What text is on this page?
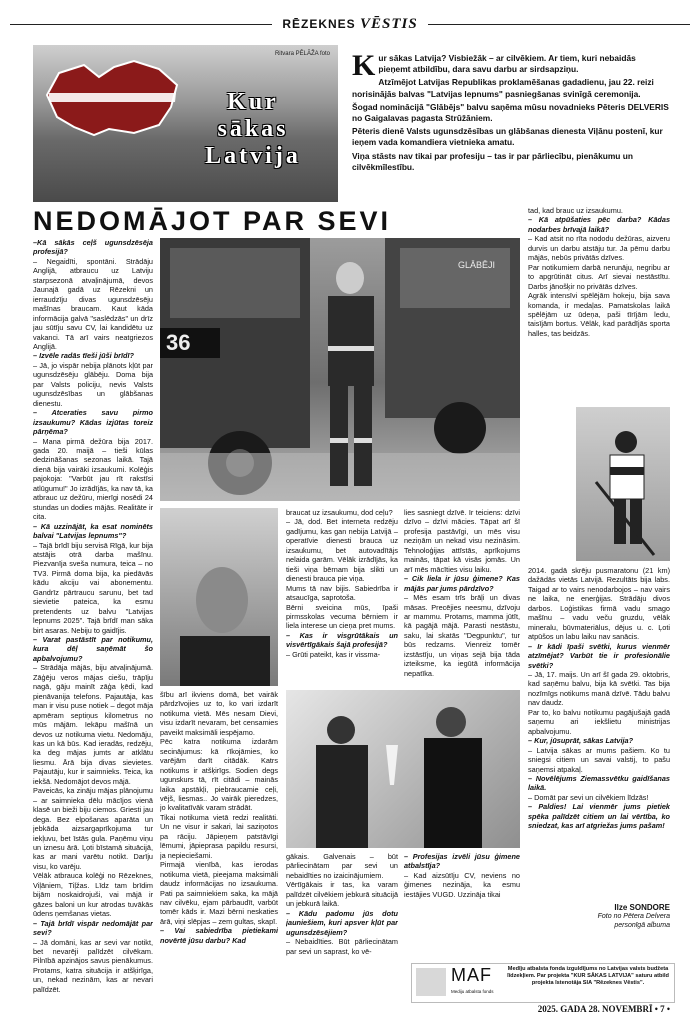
RĒZEKNES VĒSTIS
Ritvara PĒLĀŽA foto
Kur
sākas
Latvija

Kur sākas Latvija? Visbiežāk – ar cilvēkiem. Ar tiem, kuri nebaidās pieņemt atbildību, dara savu darbu ar sirdsapziņu.

Atzīmējot Latvijas Republikas proklamēšanas gadadienu, jau 22. reizi norisinājās balvas "Latvijas lepnums" pasniegšanas svinīgā ceremonija.

Šogad nominācijā "Glābējs" balvu saņēma mūsu novadnieks Pēteris DELVERIS no Gaigalavas pagasta Strūžāniem.

Pēteris dienē Valsts ugunsdzēsības un glābšanas dienesta Viļānu postenī, kur ieņem vada komandiera vietnieka amatu.

Viņa stāsts nav tikai par profesiju – tas ir par pārliecību, pienākumu un cilvēkmīlestību.

NEDOMĀJOT PAR SEVI

–Kā sākās ceļš ugunsdzēsēja profesijā?

– Negaidīti, spontāni. Strādāju Anglijā, atbraucu uz Latviju starpsezonā atvaļinājumā, devos Jaunajā gadā uz Rēzekni un ierraudzīju divas ugunsdzēsēju mašīnas braucam. Kaut kāda informācija galvā "saslēdzās" un drīz jau sūtīju savu CV, lai kandidētu uz vakanci. Tā arī vairs neatgriezos Anglijā.

– Izvēle radās tīeši jūši brīdī?

– Jā, jo vispār nebija plānots kļūt par ugunsdzēsēju glābēju. Doma bija par Valsts policiju, nevis Valsts ugunsdzēsības un glābšanas dienestu.

– Atceraties savu pirmo izsaukumu? Kādas izjūtas toreiz pārņēma?

– Mana pirmā dežūra bija 2017. gada 20. maijā – tieši kūlas dedzināšanas sezonas laikā. Tajā dienā bija vairāki izsaukumi. Kolēģis pajokoja: "Varbūt jau rīt rakstīsi atlūgumu!" Jo izrādījās, ka nav tā, ka atbrauc uz dežūru, mierīgi nosēdi 24 stundas un dodies mājās. Realitāte ir cita.

– Kā uzzinājāt, ka esat nominēts balvai "Latvijas lepnums"?

– Tajā brīdī biju servisā Rīgā, kur bija atstājis otrā darba mašīnu. Piezvanīja sveša numura, teica – no TV3. Pirmā doma bija, ka piedāvās kādu akciju vai abonementu. Gandrīz pārtraucu sarunu, bet tad sievietie pateica, ka esmu pretendents uz balvu "Latvijas lepnums 2025". Tajā brīdī man sāka birt asaras. Nebiju to gaidījis.

– Varat pastāstīt par notikumu, kura dēļ saņēmāt šo apbalvojumu?

– Strādāja mājās, biju atvaļinājumā. Zāģēju veros mājas ciešu, trāpīju nagā, gāju mainīt zāģa ķēdi, kad pienāvanija telefons. Pajautāja, kas man ir visu puse notiek – degot māja apmēram septiņus kilometrus no mūs mājām. Iekāpu mašīnā un devos uz notikuma vietu. Nedomāju, kas un kā būs. Kad ieradās, redzēju, ka deg mājas jumts ar atklātu liesmu. Ārā bija divas sievietes. Pajautāju, kur ir saimnieks. Teica, ka iekšā. Nedomājot devos mājā.

Paveicās, ka zināju mājas plānojumu – ar saimnieka dēlu mācījos vienā klasē un bieži biju ciemos. Griesti jau dega. Bez elpošanas aparāta un jebkāda aizsargaprīkojuma tur iekļuvu, bet īstās gula. Paņēmu viņu un iznesu ārā. Ļoti bīstamā situācijā, kas ar mani varētu notikt. Darīju visu, ko varēju.

Vēlāk atbrauca kolēģi no Rēzeknes, Viļāniem, Tiļžas. Līdz tam brīdim bijām noskaidrojuši, vai mājā ir gāzes baloni un kur atrodas tuvākās ūdens ņemšanas vietas.

– Tajā brīdī vispār nedomājāt par sevi?

– Jā domāni, kas ar sevi var notikt, bet nevarēji palīdzēt cilvēkam. Pilnībā apzinājos savus pienākumus. Protams, katra situācija ir atšķirīga, un, nekad nezinām, kas ar nevari palīdzēt.

36
GLĀBĒJI

tad, kad brauc uz izsaukumu.

– Kā atpūšaties pēc darba? Kādas nodarbes brīvajā laikā?

– Kad atsit no rīta nododu dežūras, aizveru durvis un darbu atstāju tur. Ja pēmu darbu mājās, nebūs privātās dzīves.

Par notikumiem darbā nerunāju, negribu ar to apgrūtināt citus. Arī sievai nestāstītu. Darbs jānošķir no privātās dzīves.

Agrāk intensīvi spēlējām hokeju, bija sava komanda, ir medaļas. Pamatskolas laikā spēlējām uz ūdeņa, paši tīrījām ledu, taisījām bortus. Vēlāk, kad parādījās sporta halles, tas beidzās.

2014. gadā skrēju pusmaratonu (21 km) dažādās vietās Latvijā. Rezultāts bija labs. Taigad ar to vairs nenodarbojos – nav vairs ne laika, ne enerģijas. Strādāju divos darbos. Loģistikas firmā vadu smago mašīnu – vadu veču gruzdu, vēlāk mineralu, būvmateriālus, dējus u. c. Ļoti atpūšos un labu laiku nav sanācis.

– Ir kādi īpaši svētki, kurus vienmēr atzīmējat? Varbūt tie ir profesionālie svētki?

– Jā, 17. maijs. Un arī šī gada 29. oktobris, kad saņēmu balvu, bija kā svētki. Tas bija nozīmīgs notikums manā dzīvē. Tādu balvu nav daudz.

Par to, ko balvu notikumu pagājušajā gadā saņemu ari iekšlietu ministrijas apbalvojumu.

– Kur, jūsuprāt, sākas Latvija?

– Latvija sākas ar mums pašiem. Ko tu sniegsi citiem un savai valstij, to pašu saņemsi atpakaļ.

– Novēlējums Ziemassvētku gaidīšanas laikā.

– Domāt par sevi un cilvēkiem līdzās!

– Paldies! Lai vienmēr jums pietiek spēka palīdzēt citiem un lai vērtība, ko sniedzat, kas arī atgriežas jums pašam!

šību arī ikviens domā, bet vairāk pārdzīvojies uz to, ko vari izdarīt notikuma vietā. Mēs nesam Dievi, visu izdarīt nevaram, bet censamies paveikt maksimāli iespējamo.

Pēc katra notikuma izdarām secinājumus: kā rīkojāmies, ko varējām darīt citādāk. Katrs notikums ir atšķirīgs. Sodien degs ugunskurs tā, rīt citādi – mainās laika apstākļi, piebraucamie ceļi, vējš, liesmas.. Jo vairāk pieredzes, jo kvalitatīvāk varam strādāt.

Tikai notikuma vietā redzi realitāti. Un ne visur ir sakari, lai saziņotos pa rāciju. Jāpieņem patstāvīgi lēmumi, jāpieprasa papildu resursi, ja nepieciešami.

Pirmajā vienībā, kas ierodas notikuma vietā, pieejama maksimāli daudz informācijas no izsaukuma. Pati pa saimniekiem saka, ka mājā nav cilvēku, ejam pārbaudīt, varbūt tomēr kāds ir. Mazi bērni neskaties ārā, viņi slēpjas – zem gultas, skapī.

– Vai sabiedrība pietiekami novērtē jūsu darbu? Kad

braucat uz izsaukumu, dod ceļu?

– Jā, dod. Bet interneta redzēju gadījumu, kas gan nebija Latvijā – operatīvie dienesti brauca uz izsaukumu, bet autovadītājs nelaida garām. Vēlāk izrādījās, ka tieši viņa bērnam bija slikti un dienesti brauca pie viņa.

Mums tā nav bijis. Sabiedrība ir atsaucīga, saprotoša.

Bērni sveicina mūs, īpaši pirmsskolas vecuma bērniem ir liela interese un cieņa pret mums.

– Kas ir visgrūtākais un visvērtīgākais šajā profesijā?

– Grūti pateikt, kas ir vissma-

lies sasniegt dzīvē. Ir teiciens: dzīvi dzīvo – dzīvi mācies. Tāpat arī šī profesija pastāvīgi, un mēs visu neziņām un nekad visu nezināsim. Tehnoloģijas attīstās, aprīkojums mainās, tāpat kā visās jomās. Un arī mēs mācīties visu laiku.

– Cik liela ir jūsu ģimene? Kas mājās par jums pārdzīvo?

– Mēs esam trīs brāļi un divas māsas. Precējies neesmu, dzīvoju ar mammu. Protams, mamma jūtīt, kā pagājā mājā. Parasti nestāstu, saku, lai skatās "Degpunktu", tur būs redzams. Vienreiz tomēr izstāstīju, un viņas sejā bija tāda izteiksme, ka iegūtā informācija nepatīka.

gākais. Galvenais – būt pārliecinātam par sevi un nebaidīties no izaicinājumiem.

Vērtīgākais ir tas, ka varam palīdzēt cilvēkiem jebkurā situācijā un jebkurā laikā.

– Kādu padomu jūs dotu jauniešiem, kuri apsver kļūt par ugunsdzēsējiem?

– Nebaidīties. Būt pārliecinātam par sevi un saprast, ko vē-

– Profesijas izvēli jūsu ģimene atbalstīja?

– Kad aizsūtīju CV, neviens no ģimenes nezināja, ka esmu iestājies VUGD. Uzzināja tikai

Ilze SONDORE
Foto no Pētera Delvera
personīgā albuma
MAF
Mediju atbalsta fonds
Medīju atbalsta fonda izguldījums no Latvijas valsts budžeta līdzekļiem. Par projekta "KUR SĀKAS LATVIJA" saturu atbild projekta īstenotāja SIA "Rēzeknes Vēstis".
2025. GADA 28. NOVEMBRĪ • 7 •
